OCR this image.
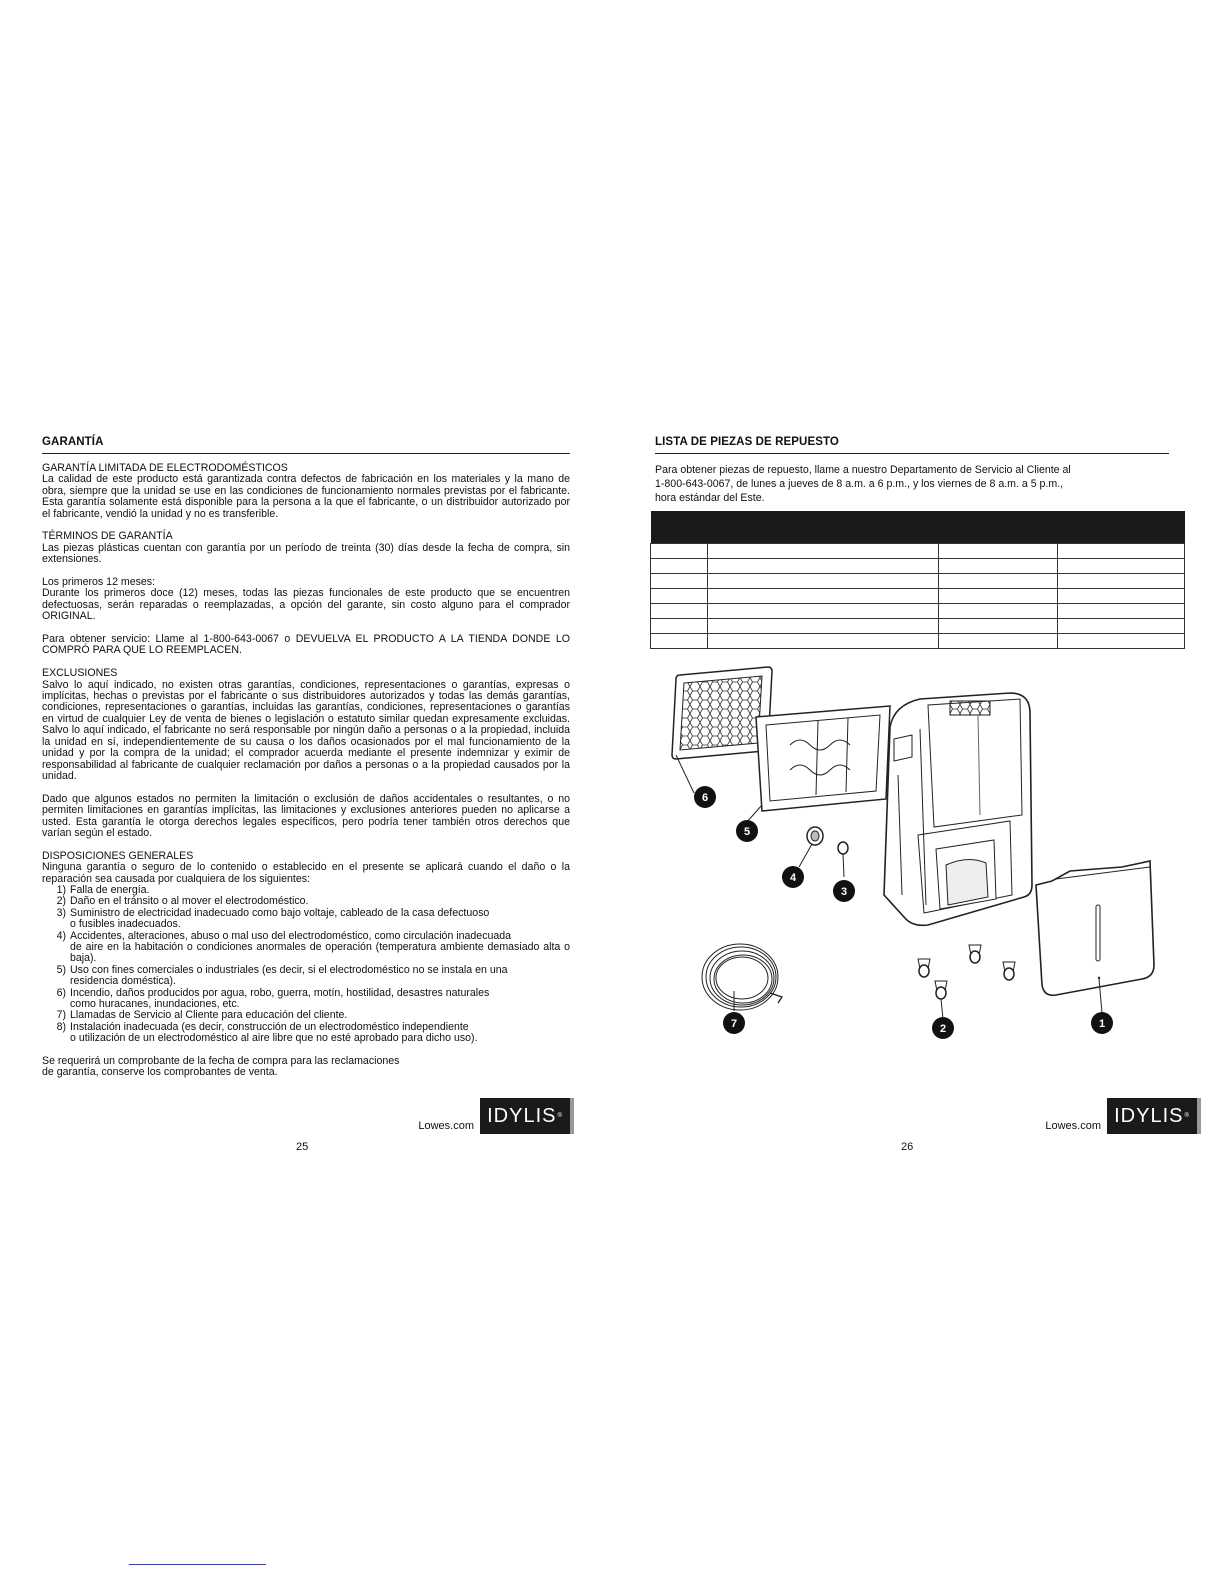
GARANTÍA

GARANTÍA LIMITADA DE ELECTRODOMÉSTICOS

La calidad de este producto está garantizada contra defectos de fabricación en los materiales y la mano de obra, siempre que la unidad se use en las condiciones de funcionamiento normales previstas por el fabricante. Esta garantía solamente está disponible para la persona a la que el fabricante, o un distribuidor autorizado por el fabricante, vendió la unidad y no es transferible.

TÉRMINOS DE GARANTÍA

Las piezas plásticas cuentan con garantía por un período de treinta (30) días desde la fecha de compra, sin extensiones.

Los primeros 12 meses:

Durante los primeros doce (12) meses, todas las piezas funcionales de este producto que se encuentren defectuosas, serán reparadas o reemplazadas, a opción del garante, sin costo alguno para el comprador ORIGINAL.

Para obtener servicio: Llame al 1-800-643-0067 o DEVUELVA EL PRODUCTO A LA TIENDA DONDE LO COMPRÓ PARA QUE LO REEMPLACEN.

EXCLUSIONES

Salvo lo aquí indicado, no existen otras garantías, condiciones, representaciones o garantías, expresas o implícitas, hechas o previstas por el fabricante o sus distribuidores autorizados y todas las demás garantías, condiciones, representaciones o garantías, incluidas las garantías, condiciones, representaciones o garantías en virtud de cualquier Ley de venta de bienes o legislación o estatuto similar quedan expresamente excluidas. Salvo lo aquí indicado, el fabricante no será responsable por ningún daño a personas o a la propiedad, incluida la unidad en sí, independientemente de su causa o los daños ocasionados por el mal funcionamiento de la unidad y por la compra de la unidad; el comprador acuerda mediante el presente indemnizar y eximir de responsabilidad al fabricante de cualquier reclamación por daños a personas o a la propiedad causados por la unidad.

Dado que algunos estados no permiten la limitación o exclusión de daños accidentales o resultantes, o no permiten limitaciones en garantías implícitas, las limitaciones y exclusiones anteriores pueden no aplicarse a usted. Esta garantía le otorga derechos legales específicos, pero podría tener también otros derechos que varían según el estado.

DISPOSICIONES GENERALES

Ninguna garantía o seguro de lo contenido o establecido en el presente se aplicará cuando el daño o la reparación sea causada por cualquiera de los siguientes:

1) Falla de energía.
2) Daño en el tránsito o al mover el electrodoméstico.
3) Suministro de electricidad inadecuado como bajo voltaje, cableado de la casa defectuoso
o fusibles inadecuados.
4) Accidentes, alteraciones, abuso o mal uso del electrodoméstico, como circulación inadecuada
de aire en la habitación o condiciones anormales de operación (temperatura ambiente demasiado alta o baja).
5) Uso con fines comerciales o industriales (es decir, si el electrodoméstico no se instala en una
residencia doméstica).
6) Incendio, daños producidos por agua, robo, guerra, motín, hostilidad, desastres naturales
como huracanes, inundaciones, etc.
7) Llamadas de Servicio al Cliente para educación del cliente.
8) Instalación inadecuada (es decir, construcción de un electrodoméstico independiente
o utilización de un electrodoméstico al aire libre que no esté aprobado para dicho uso).

Se requerirá un comprobante de la fecha de compra para las reclamaciones

de garantía, conserve los comprobantes de venta.

Lowes.com IDYLIS ®
25
LISTA DE PIEZAS DE REPUESTO
Para obtener piezas de repuesto, llame a nuestro Departamento de Servicio al Cliente al
1-800-643-0067, de lunes a jueves de 8 a.m. a 6 p.m., y los viernes de 8 a.m. a 5 p.m.,
hora estándar del Este.

6
5
4
3
7	2	1
Lowes.com IDYLIS ®
26
